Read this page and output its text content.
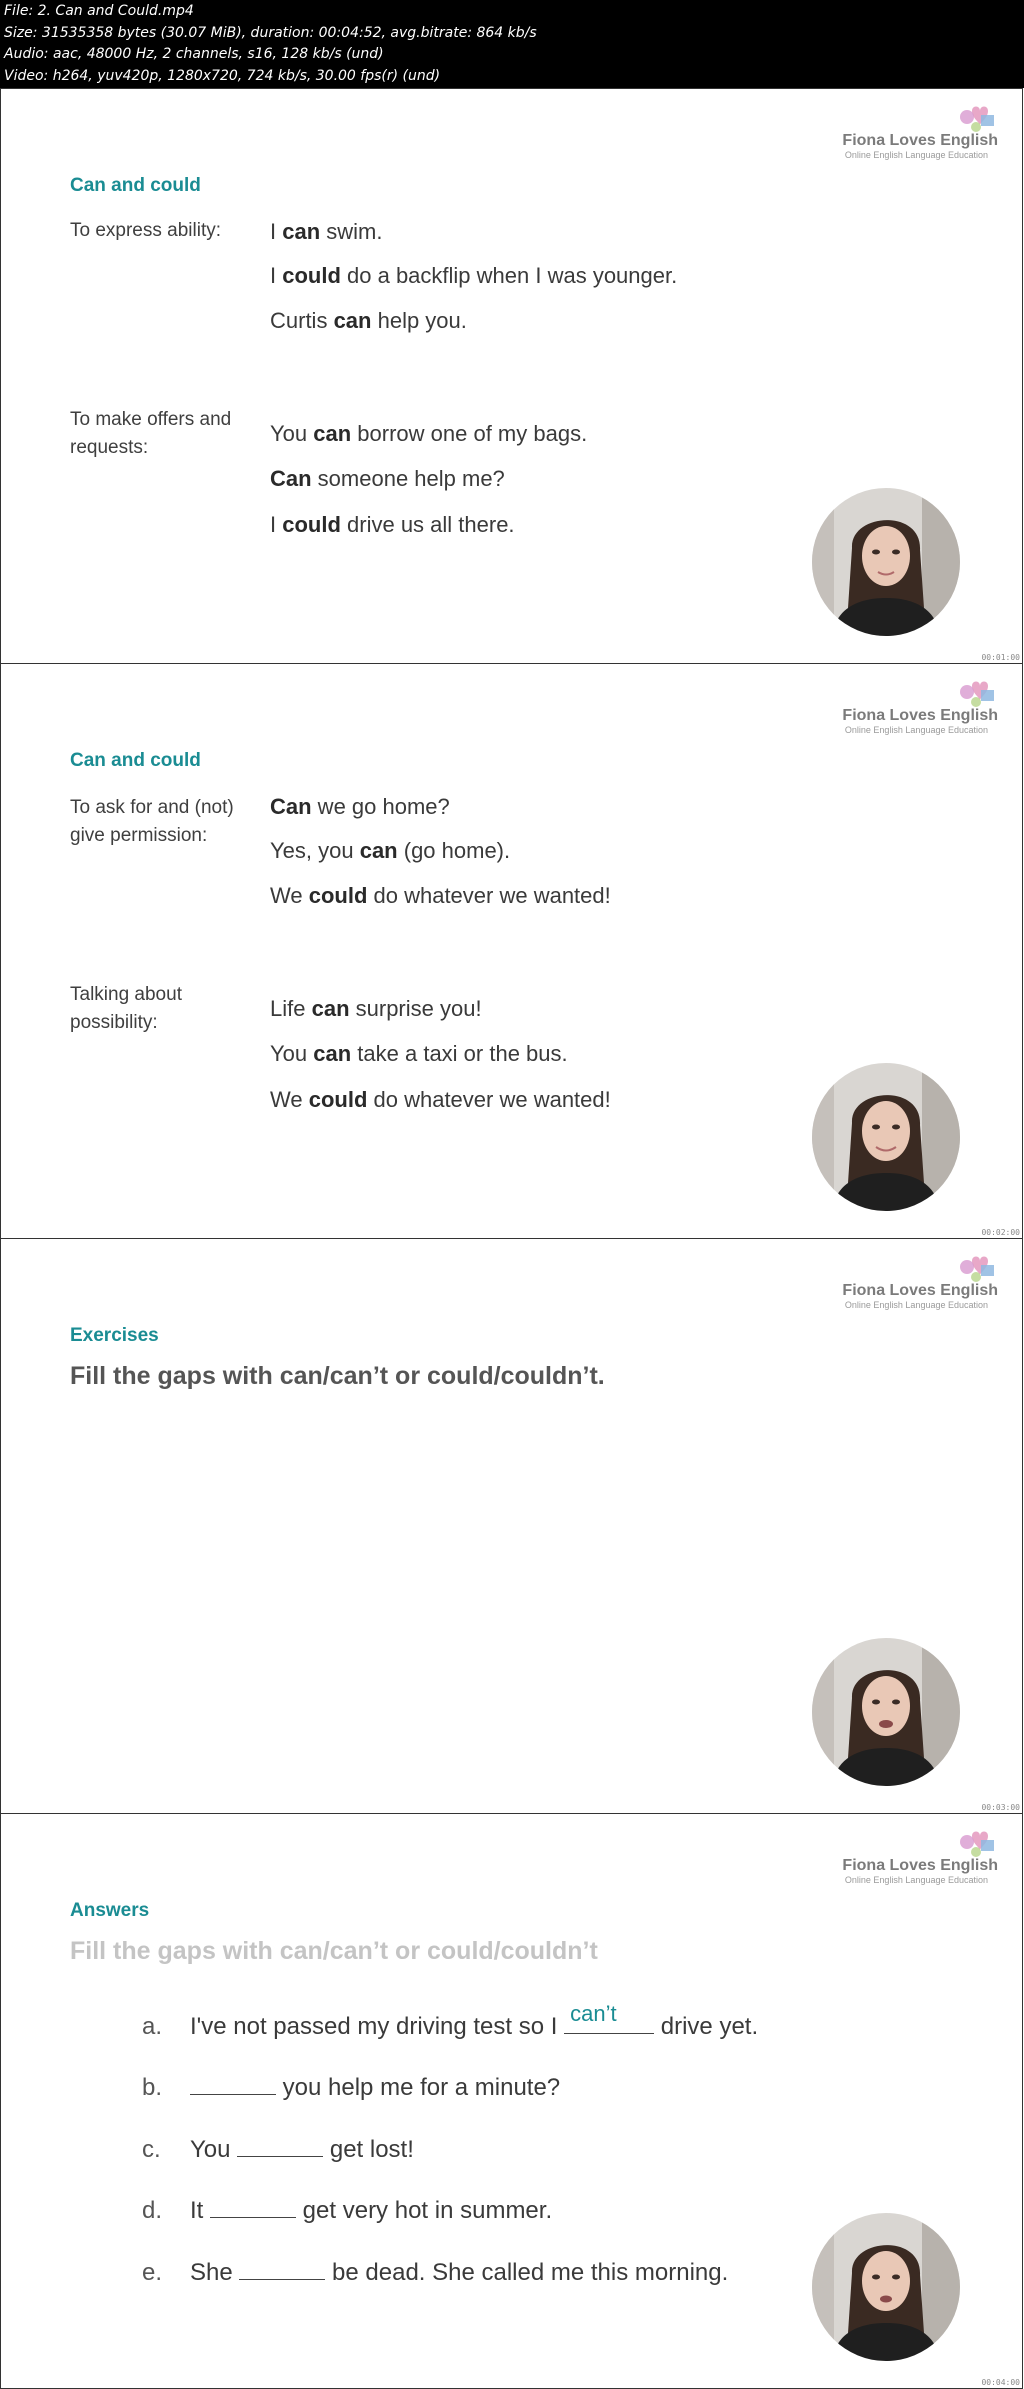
File: 2. Can and Could.mp4
Size: 31535358 bytes (30.07 MiB), duration: 00:04:52, avg.bitrate: 864 kb/s
Audio: aac, 48000 Hz, 2 channels, s16, 128 kb/s (und)
Video: h264, yuv420p, 1280x720, 724 kb/s, 30.00 fps(r) (und)
Fiona Loves English
Online English Language Education
Can and could
To express ability:	I can swim.
I could do a backflip when I was younger.
Curtis can help you.
To make offers and requests:
You can borrow one of my bags.
Can someone help me?
I could drive us all there.
00:01:00
Fiona Loves English
Online English Language Education
Can and could
To ask for and (not) give permission:
Can we go home?
Yes, you can (go home).
We could do whatever we wanted!
Talking about possibility:
Life can surprise you!
You can take a taxi or the bus.
We could do whatever we wanted!
00:02:00
Fiona Loves English
Online English Language Education
Exercises
Fill the gaps with can/can’t or could/couldn’t.
00:03:00
Fiona Loves English
Online English Language Education
Answers
Fill the gaps with can/can’t or could/couldn’t
a. I've not passed my driving test so I can’t drive yet.
b.	you help me for a minute?
c. You	get lost!
d. It	get very hot in summer.
e. She	be dead. She called me this morning.
00:04:00
